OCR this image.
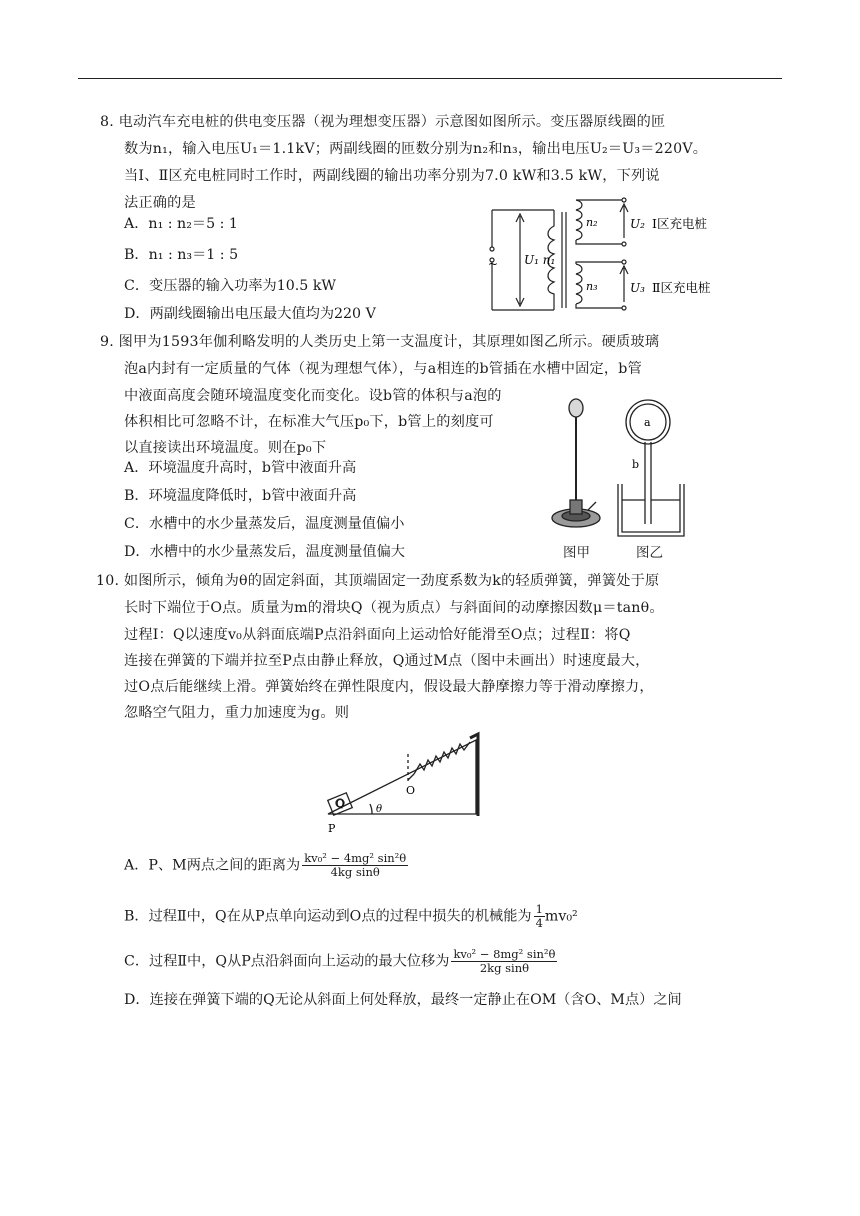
8. 电动汽车充电桩的供电变压器（视为理想变压器）示意图如图所示。变压器原线圈的匝
数为n₁，输入电压U₁＝1.1kV；两副线圈的匝数分别为n₂和n₃，输出电压U₂＝U₃＝220V。
当Ⅰ、Ⅱ区充电桩同时工作时，两副线圈的输出功率分别为7.0 kW和3.5 kW，下列说
法正确的是
A．n₁ : n₂＝5 : 1
B．n₁ : n₃＝1 : 5
C．变压器的输入功率为10.5 kW
D．两副线圈输出电压最大值均为220 V
~ U₁ n₁
n₂
n₃
U₂
U₃
Ⅰ区充电桩
Ⅱ区充电桩
9. 图甲为1593年伽利略发明的人类历史上第一支温度计，其原理如图乙所示。硬质玻璃
泡a内封有一定质量的气体（视为理想气体），与a相连的b管插在水槽中固定，b管
中液面高度会随环境温度变化而变化。设b管的体积与a泡的
体积相比可忽略不计，在标准大气压p₀下，b管上的刻度可
以直接读出环境温度。则在p₀下
A．环境温度升高时，b管中液面升高
B．环境温度降低时，b管中液面升高
C．水槽中的水少量蒸发后，温度测量值偏小
D．水槽中的水少量蒸发后，温度测量值偏大
a
b
图甲	图乙
10. 如图所示，倾角为θ的固定斜面，其顶端固定一劲度系数为k的轻质弹簧，弹簧处于原
长时下端位于O点。质量为m的滑块Q（视为质点）与斜面间的动摩擦因数μ＝tanθ。
过程Ⅰ：Q以速度v₀从斜面底端P点沿斜面向上运动恰好能滑至O点；过程Ⅱ：将Q
连接在弹簧的下端并拉至P点由静止释放，Q通过M点（图中未画出）时速度最大，
过O点后能继续上滑。弹簧始终在弹性限度内，假设最大静摩擦力等于滑动摩擦力，
忽略空气阻力，重力加速度为g。则
Q
O
P
θ
A．P、M两点之间的距离为 $\frac{\text{kv₀² − 4mg² sin²θ}}{\text{4kg sinθ}}$
B．过程Ⅱ中，Q在从P点单向运动到O点的过程中损失的机械能为 $\frac{1}{4} mv_0^2$
C．过程Ⅱ中，Q从P点沿斜面向上运动的最大位移为 $\frac{\text{kv₀² − 8mg² sin²θ}}{\text{2kg sinθ}}$
D．连接在弹簧下端的Q无论从斜面上何处释放，最终一定静止在OM（含O、M点）之间
